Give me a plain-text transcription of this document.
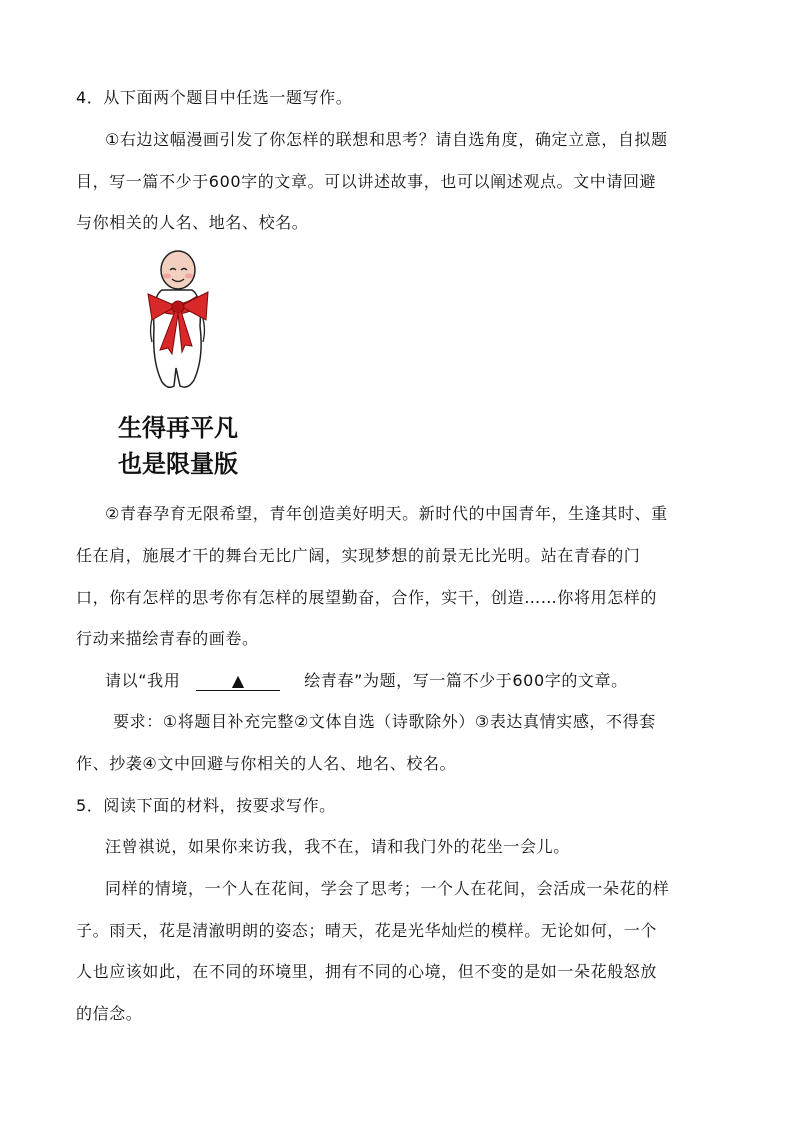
4．从下面两个题目中任选一题写作。

①右边这幅漫画引发了你怎样的联想和思考？请自选角度，确定立意，自拟题

目，写一篇不少于600字的文章。可以讲述故事，也可以阐述观点。文中请回避

与你相关的人名、地名、校名。

生得再平凡
也是限量版

②青春孕育无限希望，青年创造美好明天。新时代的中国青年，生逢其时、重

任在肩，施展才干的舞台无比广阔，实现梦想的前景无比光明。站在青春的门

口，你有怎样的思考你有怎样的展望勤奋，合作，实干，创造……你将用怎样的

行动来描绘青春的画卷。

请以“我用	▲	绘青春”为题，写一篇不少于600字的文章。

要求：①将题目补充完整②文体自选（诗歌除外）③表达真情实感，不得套

作、抄袭④文中回避与你相关的人名、地名、校名。

5．阅读下面的材料，按要求写作。

汪曾祺说，如果你来访我，我不在，请和我门外的花坐一会儿。

同样的情境，一个人在花间，学会了思考；一个人在花间，会活成一朵花的样

子。雨天，花是清澈明朗的姿态；晴天，花是光华灿烂的模样。无论如何，一个

人也应该如此，在不同的环境里，拥有不同的心境，但不变的是如一朵花般怒放

的信念。
